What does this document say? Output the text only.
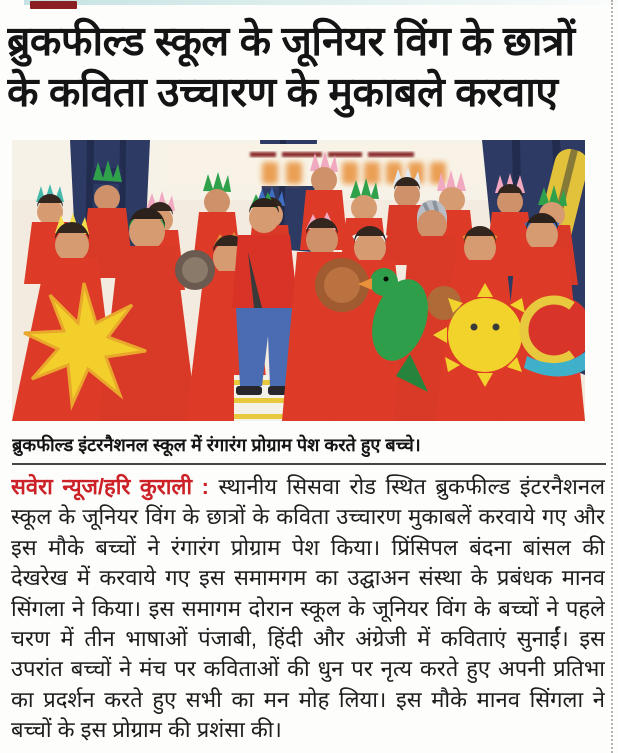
ब्रुकफील्ड स्कूल के जूनियर विंग के छात्रों
के कविता उच्चारण के मुकाबले करवाए
ब्रुकफील्ड इंटरनैशनल स्कूल में रंगारंग प्रोग्राम पेश करते हुए बच्चे।

सवेरा न्यूज/हरि कुराली : स्थानीय सिसवा रोड स्थित ब्रुकफील्ड इंटरनैशनल स्कूल के जूनियर विंग के छात्रों के कविता उच्चारण मुकाबलें करवाये गए और इस मौके बच्चों ने रंगारंग प्रोग्राम पेश किया। प्रिंसिपल बंदना बांसल की देखरेख में करवाये गए इस समामगम का उद्घाअन संस्था के प्रबंधक मानव सिंगला ने किया। इस समागम दोरान स्कूल के जूनियर विंग के बच्चों ने पहले चरण में तीन भाषाओं पंजाबी, हिंदी और अंग्रेजी में कविताएं सुनाईं। इस उपरांत बच्चों ने मंच पर कविताओं की धुन पर नृत्य करते हुए अपनी प्रतिभा का प्रदर्शन करते हुए सभी का मन मोह लिया। इस मौके मानव सिंगला ने बच्चों के इस प्रोग्राम की प्रशंसा की।
